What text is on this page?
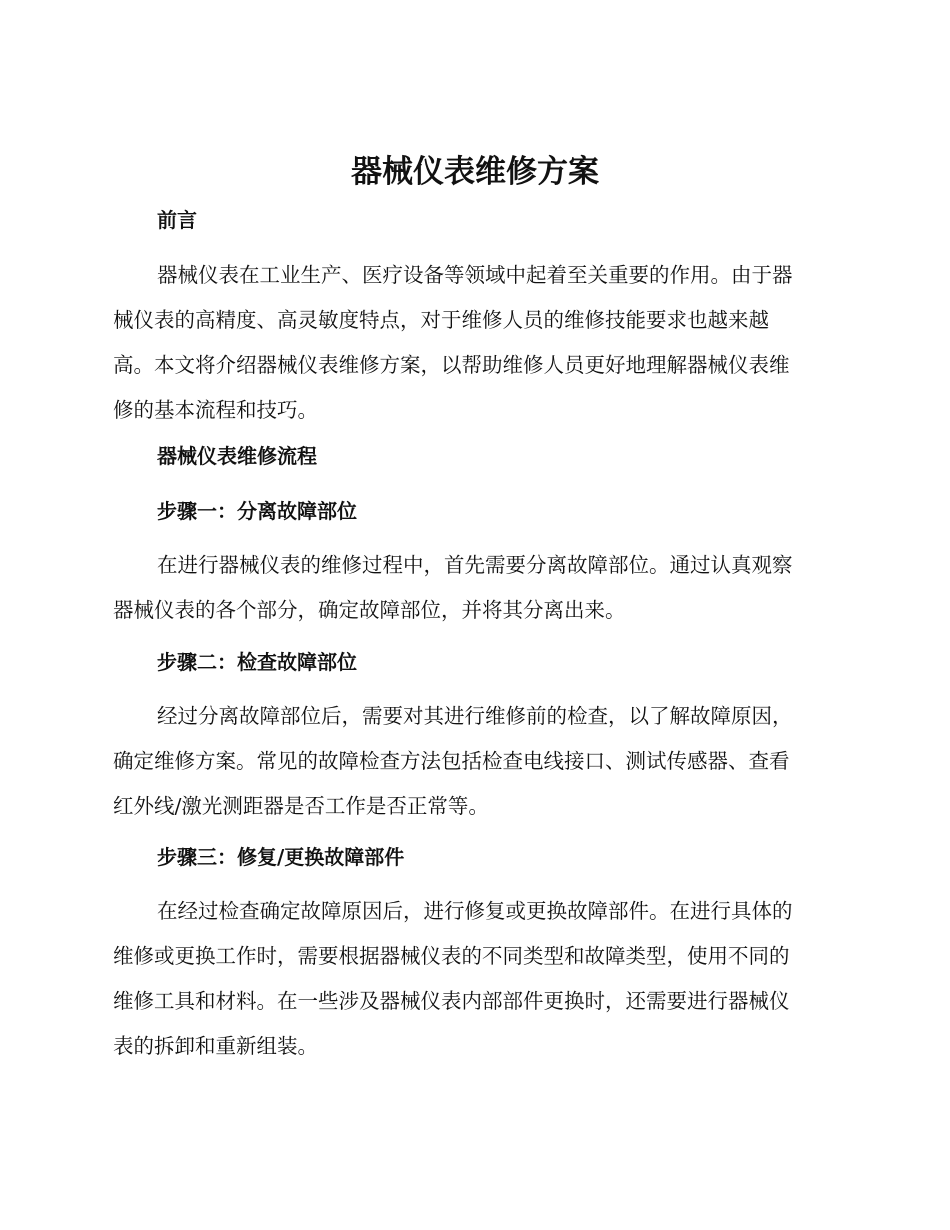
器械仪表维修方案
前言
器械仪表在工业生产、医疗设备等领域中起着至关重要的作用。由于器
械仪表的高精度、高灵敏度特点，对于维修人员的维修技能要求也越来越
高。本文将介绍器械仪表维修方案，以帮助维修人员更好地理解器械仪表维
修的基本流程和技巧。
器械仪表维修流程
步骤一：分离故障部位
在进行器械仪表的维修过程中，首先需要分离故障部位。通过认真观察
器械仪表的各个部分，确定故障部位，并将其分离出来。
步骤二：检查故障部位
经过分离故障部位后，需要对其进行维修前的检查，以了解故障原因，
确定维修方案。常见的故障检查方法包括检查电线接口、测试传感器、查看
红外线/激光测距器是否工作是否正常等。
步骤三：修复/更换故障部件
在经过检查确定故障原因后，进行修复或更换故障部件。在进行具体的
维修或更换工作时，需要根据器械仪表的不同类型和故障类型，使用不同的
维修工具和材料。在一些涉及器械仪表内部部件更换时，还需要进行器械仪
表的拆卸和重新组装。
